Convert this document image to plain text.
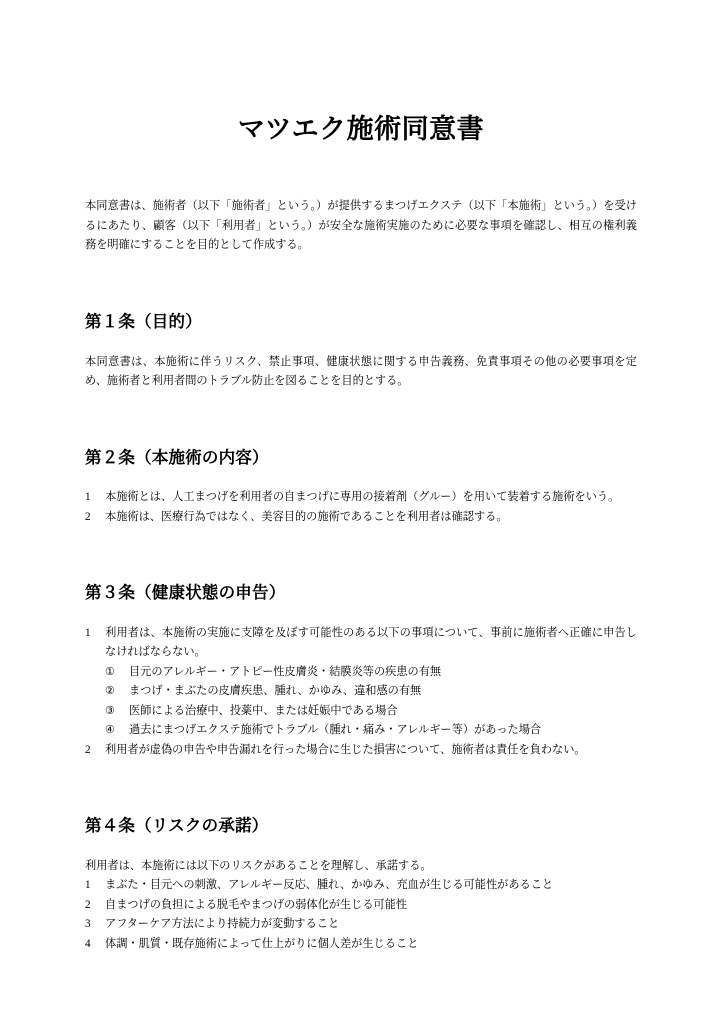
マツエク施術同意書

本同意書は、施術者（以下「施術者」という。）が提供するまつげエクステ（以下「本施術」という。）を受けるにあたり、顧客（以下「利用者」という。）が安全な施術実施のために必要な事項を確認し、相互の権利義務を明確にすることを目的として作成する。

第１条（目的）

本同意書は、本施術に伴うリスク、禁止事項、健康状態に関する申告義務、免責事項その他の必要事項を定め、施術者と利用者間のトラブル防止を図ることを目的とする。

第２条（本施術の内容）

1 本施術とは、人工まつげを利用者の自まつげに専用の接着剤（グルー）を用いて装着する施術をいう。

2 本施術は、医療行為ではなく、美容目的の施術であることを利用者は確認する。

第３条（健康状態の申告）

1 利用者は、本施術の実施に支障を及ぼす可能性のある以下の事項について、事前に施術者へ正確に申告しなければならない。

① 目元のアレルギー・アトピー性皮膚炎・結膜炎等の疾患の有無

② まつげ・まぶたの皮膚疾患、腫れ、かゆみ、違和感の有無

③ 医師による治療中、投薬中、または妊娠中である場合

④ 過去にまつげエクステ施術でトラブル（腫れ・痛み・アレルギー等）があった場合

2 利用者が虚偽の申告や申告漏れを行った場合に生じた損害について、施術者は責任を負わない。

第４条（リスクの承諾）

利用者は、本施術には以下のリスクがあることを理解し、承諾する。

1 まぶた・目元への刺激、アレルギー反応、腫れ、かゆみ、充血が生じる可能性があること

2 自まつげの負担による脱毛やまつげの弱体化が生じる可能性

3 アフターケア方法により持続力が変動すること

4 体調・肌質・既存施術によって仕上がりに個人差が生じること
